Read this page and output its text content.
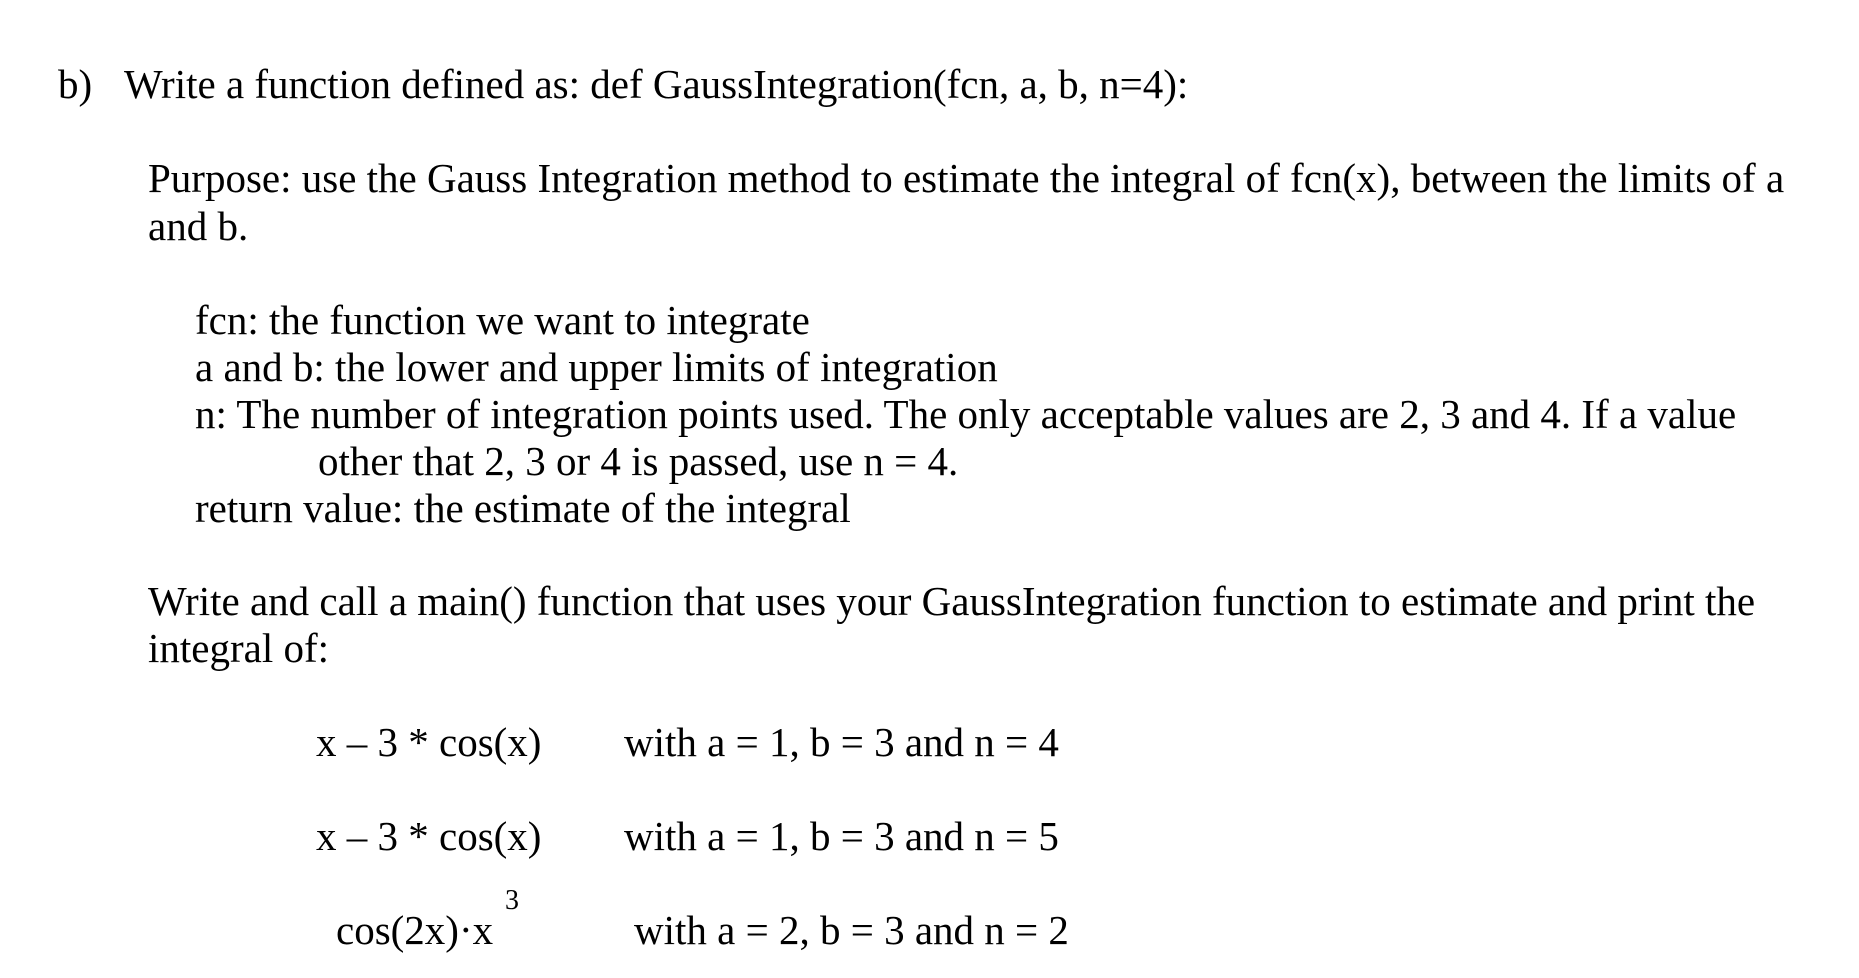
b) Write a function defined as: def GaussIntegration(fcn, a, b, n=4):
Purpose: use the Gauss Integration method to estimate the integral of fcn(x), between the limits of a
and b.
fcn: the function we want to integrate
a and b: the lower and upper limits of integration
n: The number of integration points used. The only acceptable values are 2, 3 and 4. If a value
other that 2, 3 or 4 is passed, use n = 4.
return value: the estimate of the integral
Write and call a main() function that uses your GaussIntegration function to estimate and print the
integral of:
x – 3 * cos(x) with a = 1, b = 3 and n = 4
x – 3 * cos(x) with a = 1, b = 3 and n = 5
cos(2x)·x
3
with a = 2, b = 3 and n = 2
